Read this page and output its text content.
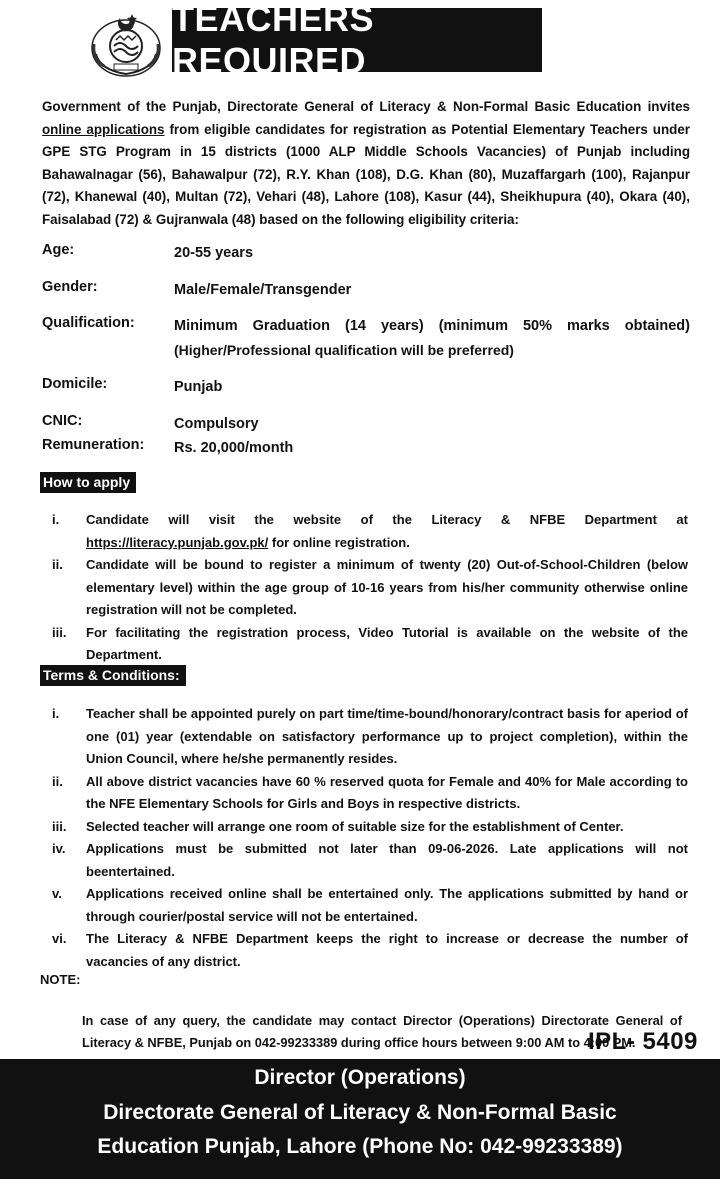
TEACHERS REQUIRED
Government of the Punjab, Directorate General of Literacy & Non-Formal Basic Education invites online applications from eligible candidates for registration as Potential Elementary Teachers under GPE STG Program in 15 districts (1000 ALP Middle Schools Vacancies) of Punjab including Bahawalnagar (56), Bahawalpur (72), R.Y. Khan (108), D.G. Khan (80), Muzaffargarh (100), Rajanpur (72), Khanewal (40), Multan (72), Vehari (48), Lahore (108), Kasur (44), Sheikhupura (40), Okara (40), Faisalabad (72) & Gujranwala (48) based on the following eligibility criteria:
Age:	20-55 years
Gender:	Male/Female/Transgender
Qualification:	Minimum Graduation (14 years) (minimum 50% marks obtained)
(Higher/Professional qualification will be preferred)
Domicile:	Punjab
CNIC:	Compulsory
Remuneration:	Rs. 20,000/month
How to apply
i.	Candidate will visit the website of the Literacy & NFBE Department at
https://literacy.punjab.gov.pk/ for online registration.
ii.	Candidate will be bound to register a minimum of twenty (20) Out-of-School-Children (below elementary level) within the age group of 10-16 years from his/her community otherwise online registration will not be completed.
iii.	For facilitating the registration process, Video Tutorial is available on the website of the Department.
Terms & Conditions:
i.	Teacher shall be appointed purely on part time/time-bound/honorary/contract basis for aperiod of one (01) year (extendable on satisfactory performance up to project completion), within the Union Council, where he/she permanently resides.
ii.	All above district vacancies have 60 % reserved quota for Female and 40% for Male according to the NFE Elementary Schools for Girls and Boys in respective districts.
iii.	Selected teacher will arrange one room of suitable size for the establishment of Center.
iv.	Applications must be submitted not later than 09-06-2026. Late applications will not beentertained.
v.	Applications received online shall be entertained only. The applications submitted by hand or through courier/postal service will not be entertained.
vi.	The Literacy & NFBE Department keeps the right to increase or decrease the number of vacancies of any district.
NOTE:
In case of any query, the candidate may contact Director (Operations) Directorate General of Literacy & NFBE, Punjab on 042-99233389 during office hours between 9:00 AM to 4:00 PM.
IPL- 5409
Director (Operations)
Directorate General of Literacy & Non-Formal Basic
Education Punjab, Lahore (Phone No: 042-99233389)
